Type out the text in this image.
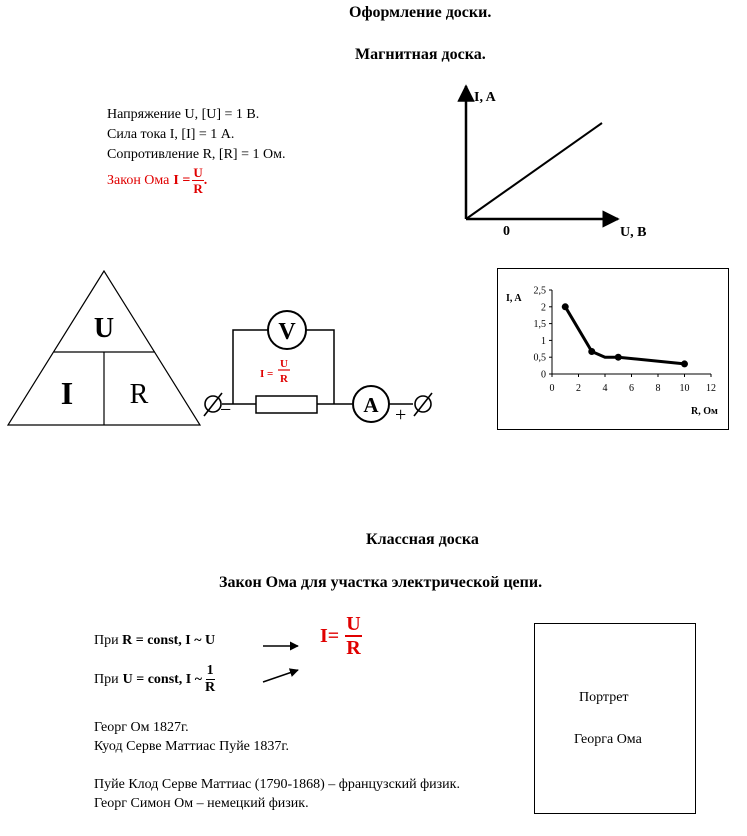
Оформление доски.
Магнитная доска.
Напряжение U, [U] = 1 В.
Сила тока I, [I] = 1 А.
Сопротивление R, [R] = 1 Ом.
Закон Ома $I = \frac{U}{R}$ .
I, A
U, B
0
U
I R
V
A
−	+
I =
U
R	0
0,5
1
1,5
2
2,5
0 2 4 6 8 10 12
I, A
R, Ом
Классная доска
Закон Ома для участка электрической цепи.
При R = const, I ~ U
При U = const, I ~ $\frac{1}{R}$
$I= \frac{U}{R}$
Георг Ом 1827г.
Куод Серве Маттиас Пуйе 1837г.
Пуйе Клод Серве Маттиас (1790-1868) – французский физик.
Георг Симон Ом – немецкий физик.
Портрет
Георга Ома
